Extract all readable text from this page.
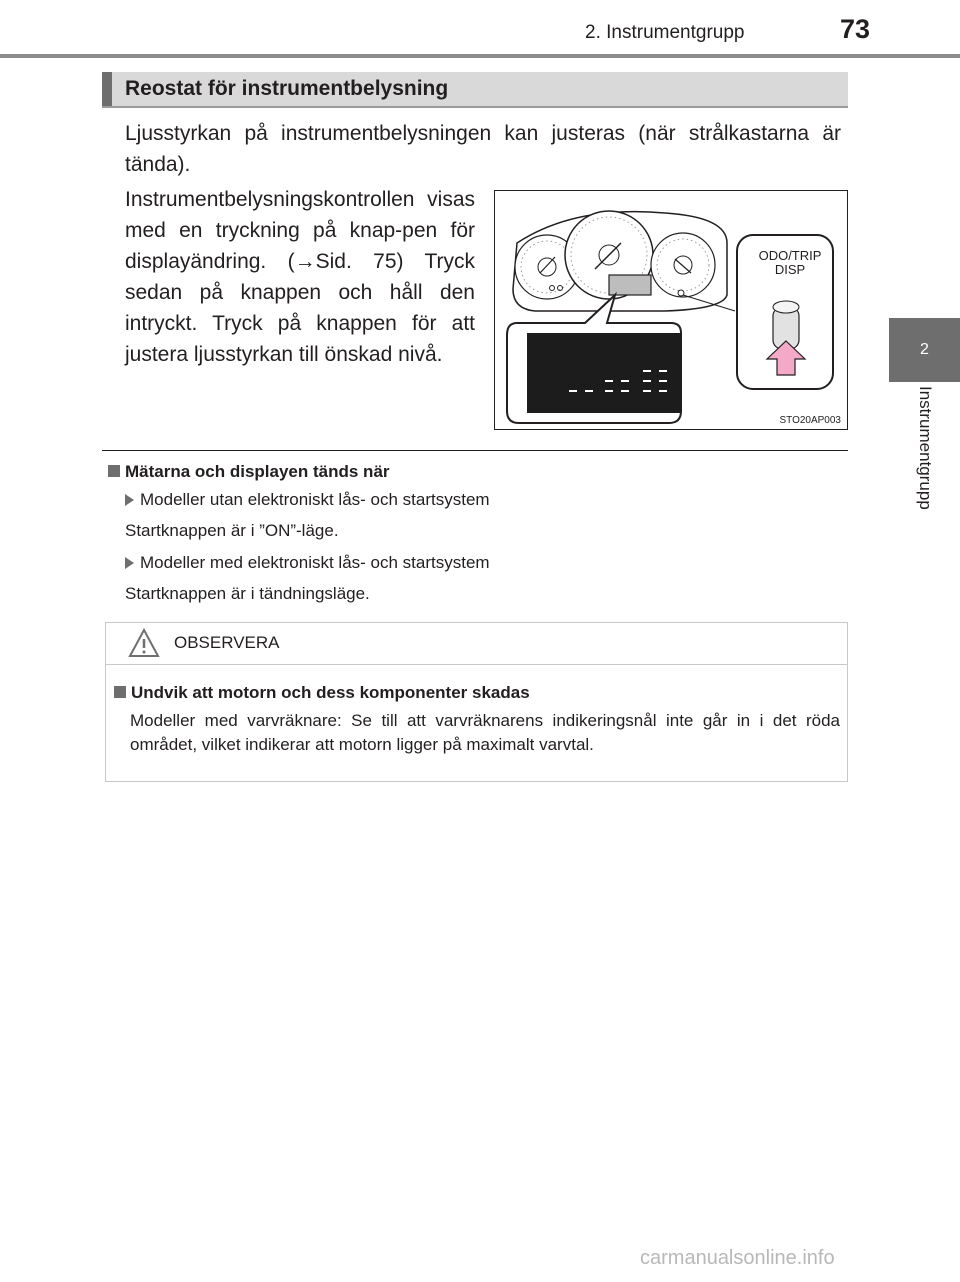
2. Instrumentgrupp	73
2
Instrumentgrupp
Reostat för instrumentbelysning
Ljusstyrkan på instrumentbelysningen kan justeras (när strålkastarna är tända).
Instrumentbelysningskontrollen visas med en tryckning på knap-pen för displayändring. (→Sid. 75) Tryck sedan på knappen och håll den intryckt. Tryck på knappen för att justera ljusstyrkan till önskad nivå.
ODO/TRIP
DISP
STO20AP003
Mätarna och displayen tänds när
Modeller utan elektroniskt lås- och startsystem
Startknappen är i ”ON”-läge.
Modeller med elektroniskt lås- och startsystem
Startknappen är i tändningsläge.
OBSERVERA
Undvik att motorn och dess komponenter skadas
Modeller med varvräknare: Se till att varvräknarens indikeringsnål inte går in i det röda området, vilket indikerar att motorn ligger på maximalt varvtal.
carmanualsonline.info
